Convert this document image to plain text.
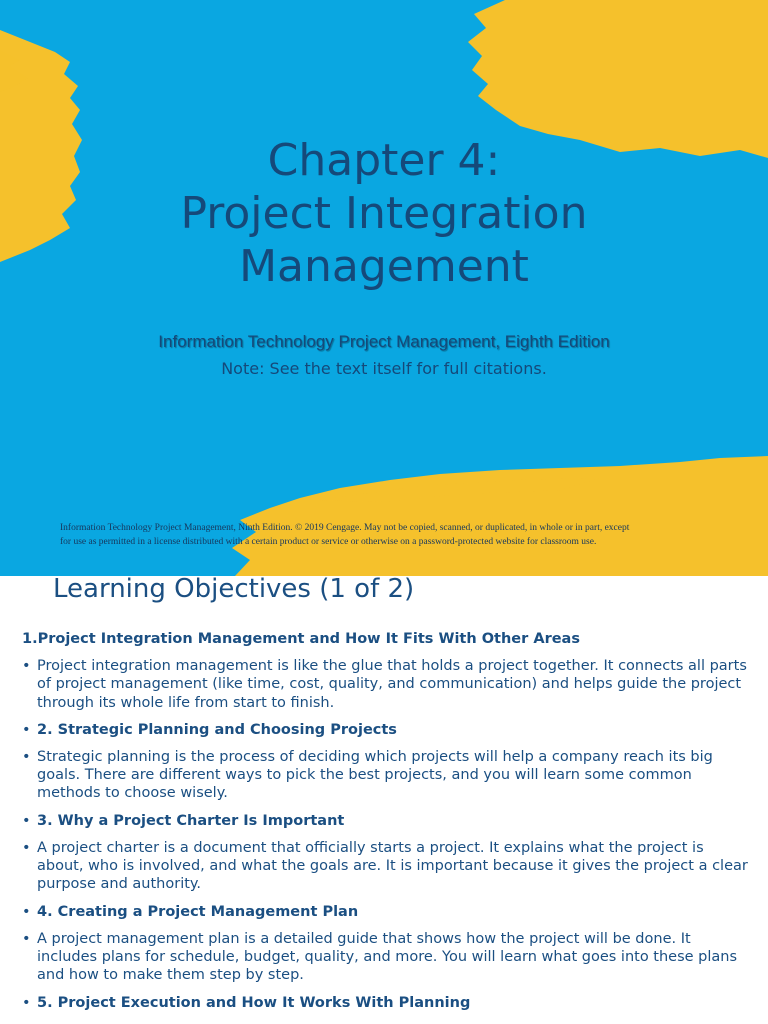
Chapter 4:
Project Integration
Management
Information Technology Project Management, Eighth Edition
Note: See the text itself for full citations.
Information Technology Project Management, Ninth Edition. © 2019 Cengage. May not be copied, scanned, or duplicated, in whole or in part, except
for use as permitted in a license distributed with a certain product or service or otherwise on a password-protected website for classroom use.
Learning Objectives (1 of 2)
1.Project Integration Management and How It Fits With Other Areas
• Project integration management is like the glue that holds a project together. It connects all parts of project management (like time, cost, quality, and communication) and helps guide the project through its whole life from start to finish.
• 2. Strategic Planning and Choosing Projects
• Strategic planning is the process of deciding which projects will help a company reach its big goals. There are different ways to pick the best projects, and you will learn some common methods to choose wisely.
• 3. Why a Project Charter Is Important
• A project charter is a document that officially starts a project. It explains what the project is about, who is involved, and what the goals are. It is important because it gives the project a clear purpose and authority.
• 4. Creating a Project Management Plan
• A project management plan is a detailed guide that shows how the project will be done. It includes plans for schedule, budget, quality, and more. You will learn what goes into these plans and how to make them step by step.
• 5. Project Execution and How It Works With Planning
